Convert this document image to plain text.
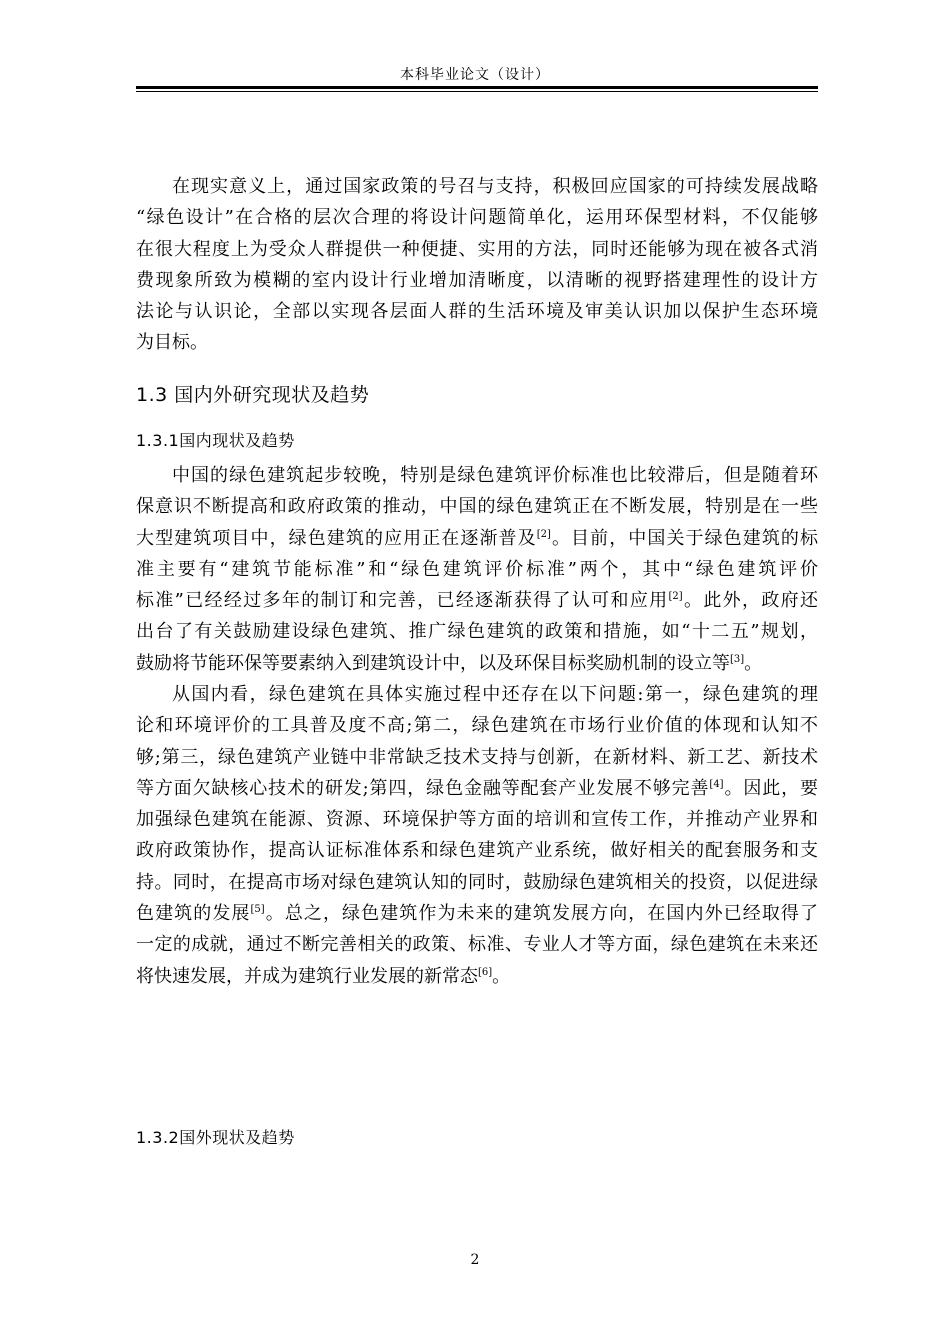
本科毕业论文（设计）

在现实意义上，通过国家政策的号召与支持，积极回应国家的可持续发展战略
“绿色设计”在合格的层次合理的将设计问题简单化，运用环保型材料，不仅能够
在很大程度上为受众人群提供一种便捷、实用的方法，同时还能够为现在被各式消
费现象所致为模糊的室内设计行业增加清晰度，以清晰的视野搭建理性的设计方
法论与认识论，全部以实现各层面人群的生活环境及审美认识加以保护生态环境
为目标。

1.3 国内外研究现状及趋势
1.3.1国内现状及趋势

中国的绿色建筑起步较晚，特别是绿色建筑评价标准也比较滞后，但是随着环
保意识不断提高和政府政策的推动，中国的绿色建筑正在不断发展，特别是在一些
大型建筑项目中，绿色建筑的应用正在逐渐普及[2]。目前，中国关于绿色建筑的标
准主要有“建筑节能标准”和“绿色建筑评价标准”两个，其中“绿色建筑评价
标准”已经经过多年的制订和完善，已经逐渐获得了认可和应用[2]。此外，政府还
出台了有关鼓励建设绿色建筑、推广绿色建筑的政策和措施，如“十二五”规划，
鼓励将节能环保等要素纳入到建筑设计中，以及环保目标奖励机制的设立等[3]。

从国内看，绿色建筑在具体实施过程中还存在以下问题:第一，绿色建筑的理
论和环境评价的工具普及度不高;第二，绿色建筑在市场行业价值的体现和认知不
够;第三，绿色建筑产业链中非常缺乏技术支持与创新，在新材料、新工艺、新技术
等方面欠缺核心技术的研发;第四，绿色金融等配套产业发展不够完善[4]。因此，要
加强绿色建筑在能源、资源、环境保护等方面的培训和宣传工作，并推动产业界和
政府政策协作，提高认证标准体系和绿色建筑产业系统，做好相关的配套服务和支
持。同时，在提高市场对绿色建筑认知的同时，鼓励绿色建筑相关的投资，以促进绿
色建筑的发展[5]。总之，绿色建筑作为未来的建筑发展方向，在国内外已经取得了
一定的成就，通过不断完善相关的政策、标准、专业人才等方面，绿色建筑在未来还
将快速发展，并成为建筑行业发展的新常态[6]。

1.3.2国外现状及趋势
2
